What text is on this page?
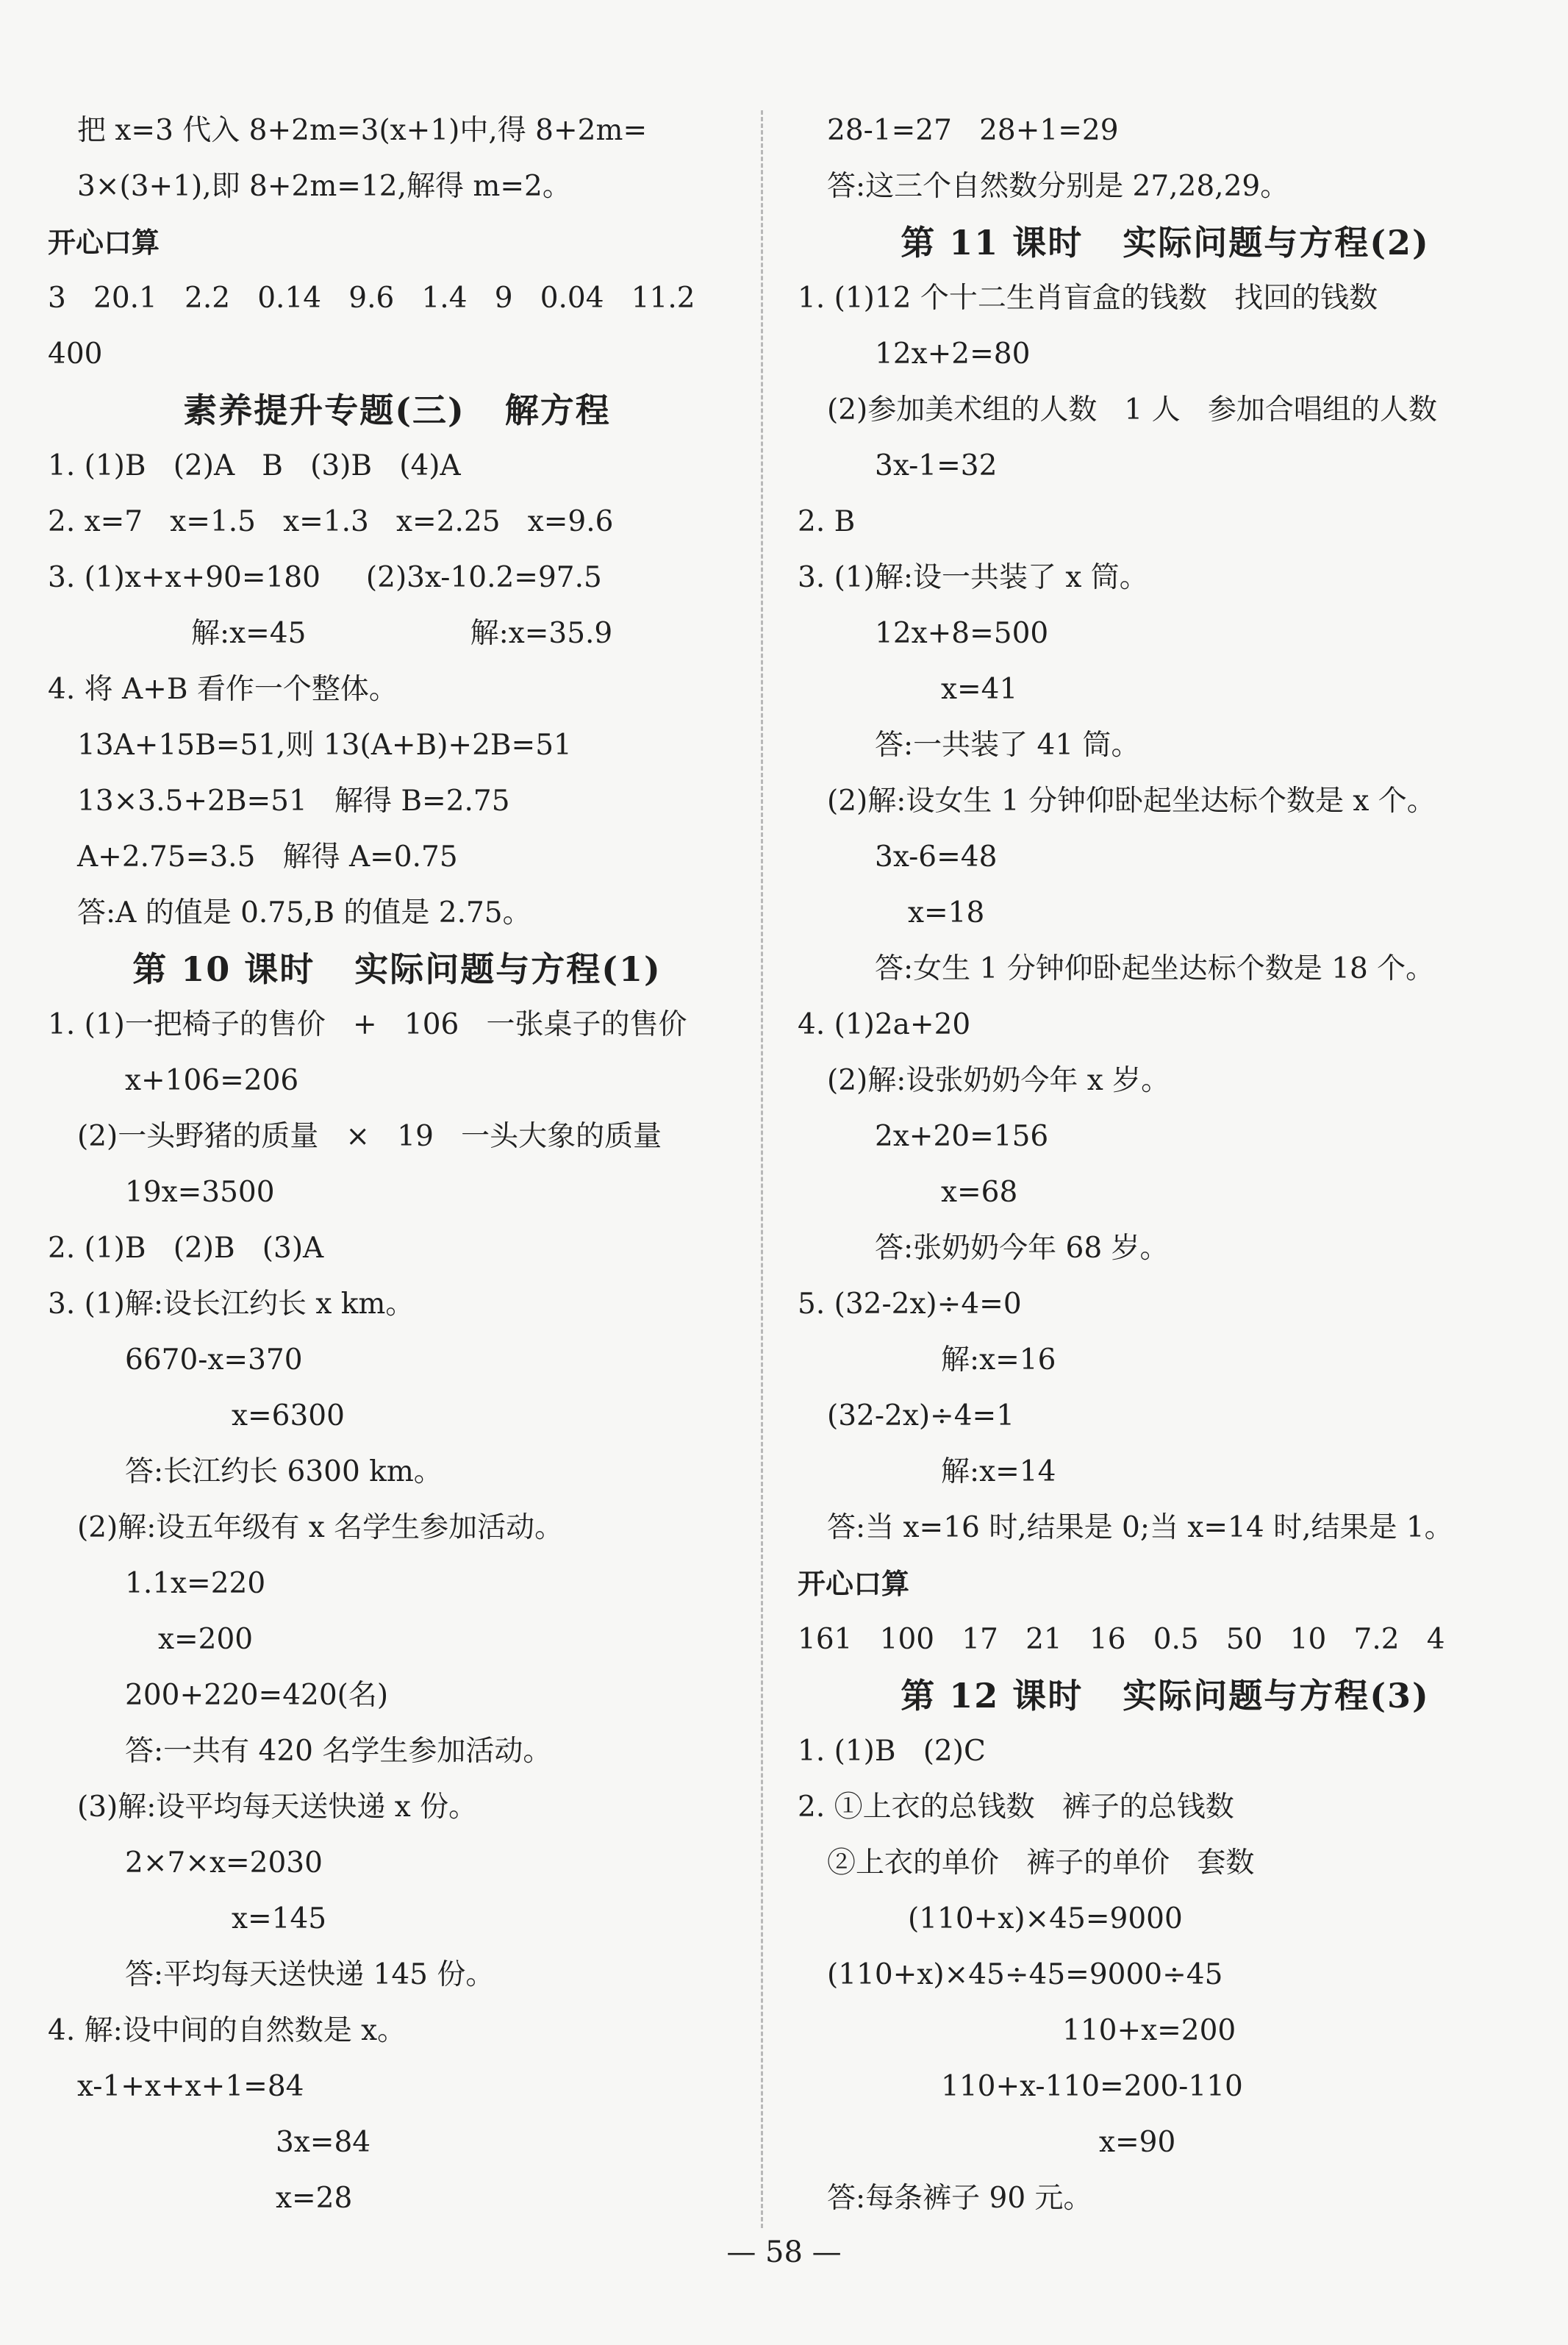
把 x=3 代入 8+2m=3(x+1)中,得 8+2m=
3×(3+1),即 8+2m=12,解得 m=2。
开心口算
3   20.1   2.2   0.14   9.6   1.4   9   0.04   11.2
400
素养提升专题(三)   解方程
1. (1)B   (2)A   B   (3)B   (4)A
2. x=7   x=1.5   x=1.3   x=2.25   x=9.6
3. (1)x+x+90=180     (2)3x-10.2=97.5
解:x=45                  解:x=35.9
4. 将 A+B 看作一个整体。
13A+15B=51,则 13(A+B)+2B=51
13×3.5+2B=51   解得 B=2.75
A+2.75=3.5   解得 A=0.75
答:A 的值是 0.75,B 的值是 2.75。
第 10 课时   实际问题与方程(1)
1. (1)一把椅子的售价   +   106   一张桌子的售价
x+106=206
(2)一头野猪的质量   ×   19   一头大象的质量
19x=3500
2. (1)B   (2)B   (3)A
3. (1)解:设长江约长 x km。
6670-x=370
x=6300
答:长江约长 6300 km。
(2)解:设五年级有 x 名学生参加活动。
1.1x=220
x=200
200+220=420(名)
答:一共有 420 名学生参加活动。
(3)解:设平均每天送快递 x 份。
2×7×x=2030
x=145
答:平均每天送快递 145 份。
4. 解:设中间的自然数是 x。
x-1+x+x+1=84
3x=84
x=28
28-1=27   28+1=29
答:这三个自然数分别是 27,28,29。
第 11 课时   实际问题与方程(2)
1. (1)12 个十二生肖盲盒的钱数   找回的钱数
12x+2=80
(2)参加美术组的人数   1 人   参加合唱组的人数
3x-1=32
2. B
3. (1)解:设一共装了 x 筒。
12x+8=500
x=41
答:一共装了 41 筒。
(2)解:设女生 1 分钟仰卧起坐达标个数是 x 个。
3x-6=48
x=18
答:女生 1 分钟仰卧起坐达标个数是 18 个。
4. (1)2a+20
(2)解:设张奶奶今年 x 岁。
2x+20=156
x=68
答:张奶奶今年 68 岁。
5. (32-2x)÷4=0
解:x=16
(32-2x)÷4=1
解:x=14
答:当 x=16 时,结果是 0;当 x=14 时,结果是 1。
开心口算
161   100   17   21   16   0.5   50   10   7.2   4
第 12 课时   实际问题与方程(3)
1. (1)B   (2)C
2. ①上衣的总钱数   裤子的总钱数
②上衣的单价   裤子的单价   套数
(110+x)×45=9000
(110+x)×45÷45=9000÷45
110+x=200
110+x-110=200-110
x=90
答:每条裤子 90 元。
— 58 —
